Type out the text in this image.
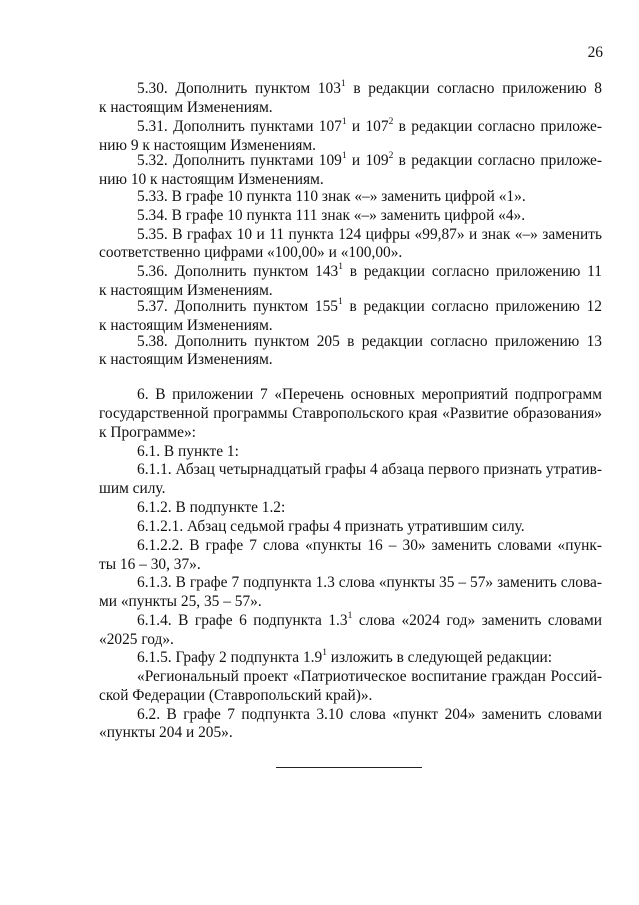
26
5.30. Дополнить пунктом $103^1$ в редакции согласно приложению 8
к настоящим Изменениям.
5.31. Дополнить пунктами $107^1$ и $107^2$ в редакции согласно приложе-
нию 9 к настоящим Изменениям.
5.32. Дополнить пунктами $109^1$ и $109^2$ в редакции согласно приложе-
нию 10 к настоящим Изменениям.
5.33. В графе 10 пункта 110 знак «–» заменить цифрой «1».
5.34. В графе 10 пункта 111 знак «–» заменить цифрой «4».
5.35. В графах 10 и 11 пункта 124 цифры «99,87» и знак «–» заменить
соответственно цифрами «100,00» и «100,00».
5.36. Дополнить пунктом $143^1$ в редакции согласно приложению 11
к настоящим Изменениям.
5.37. Дополнить пунктом $155^1$ в редакции согласно приложению 12
к настоящим Изменениям.
5.38. Дополнить пунктом 205 в редакции согласно приложению 13
к настоящим Изменениям.
6. В приложении 7 «Перечень основных мероприятий подпрограмм
государственной программы Ставропольского края «Развитие образования»
к Программе»:
6.1. В пункте 1:
6.1.1. Абзац четырнадцатый графы 4 абзаца первого признать утратив-
шим силу.
6.1.2. В подпункте 1.2:
6.1.2.1. Абзац седьмой графы 4 признать утратившим силу.
6.1.2.2. В графе 7 слова «пункты 16 – 30» заменить словами «пунк-
ты 16 – 30, 37».
6.1.3. В графе 7 подпункта 1.3 слова «пункты 35 – 57» заменить слова-
ми «пункты 25, 35 – 57».
6.1.4. В графе 6 подпункта $1.3^1$ слова «2024 год» заменить словами
«2025 год».
6.1.5. Графу 2 подпункта $1.9^1$ изложить в следующей редакции:
«Региональный проект «Патриотическое воспитание граждан Россий-
ской Федерации (Ставропольский край)».
6.2. В графе 7 подпункта 3.10 слова «пункт 204» заменить словами
«пункты 204 и 205».
